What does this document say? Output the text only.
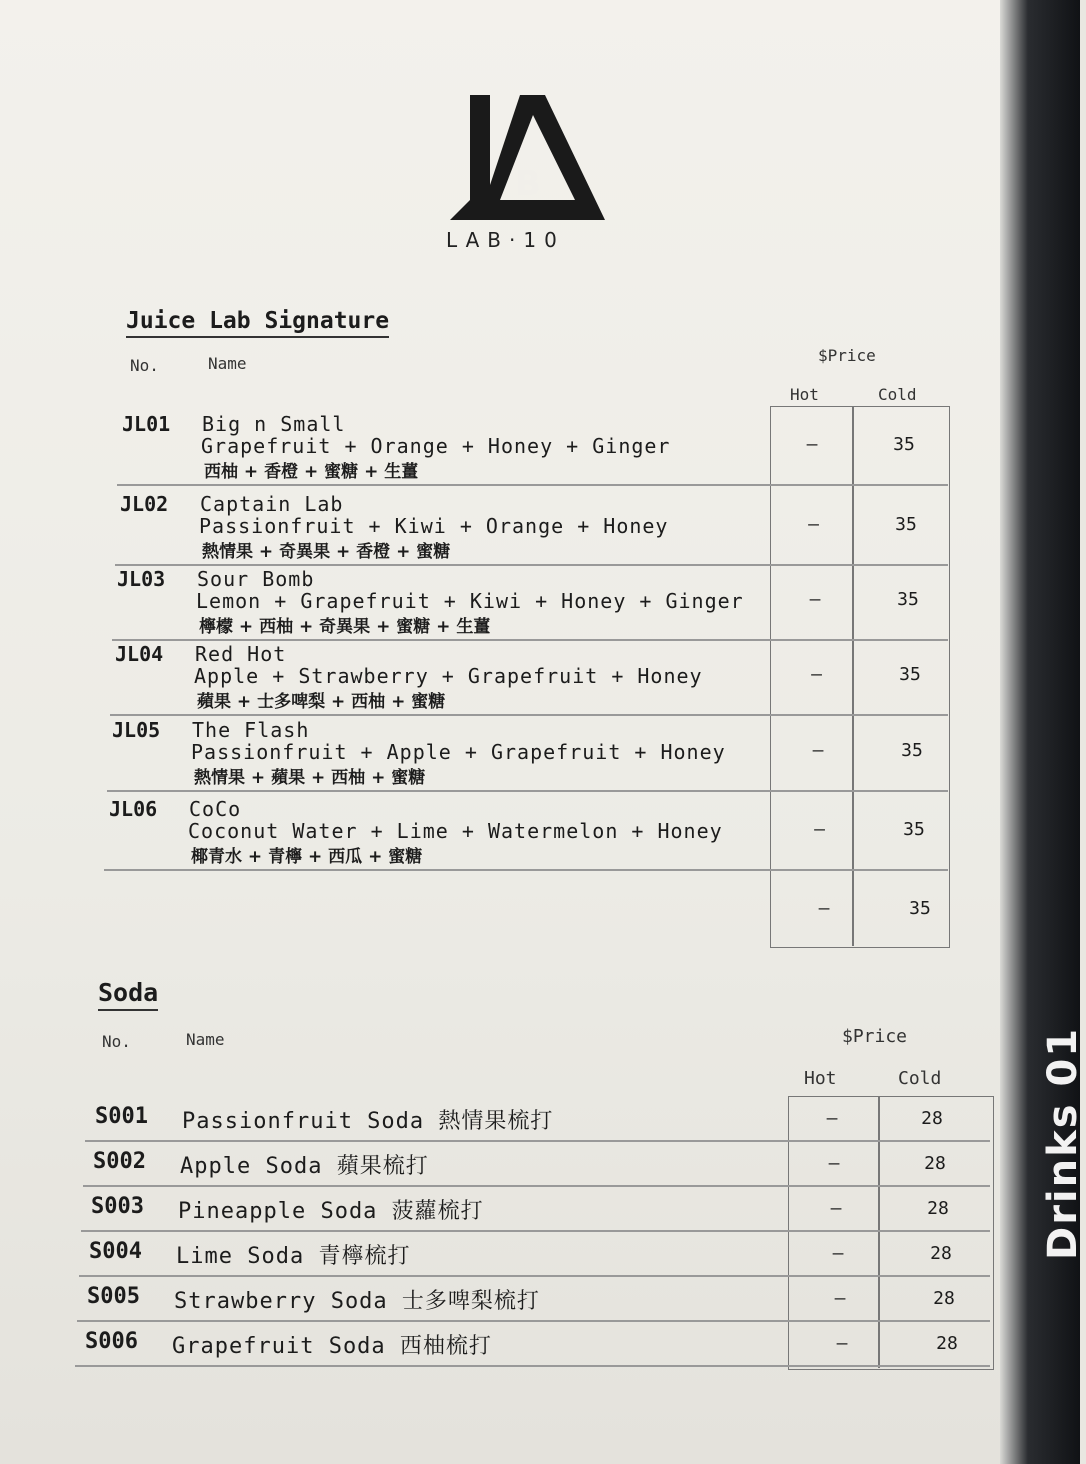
Drinks 01
B
LAB·10
Juice Lab Signature
No.	Name	$Price
Hot	Cold
JL01 Big n Small
Grapefruit + Orange + Honey + Ginger
西柚 + 香橙 + 蜜糖 + 生薑
–	35
JL02 Captain Lab
Passionfruit + Kiwi + Orange + Honey
熱情果 + 奇異果 + 香橙 + 蜜糖
–	35
JL03 Sour Bomb
Lemon + Grapefruit + Kiwi + Honey + Ginger
檸檬 + 西柚 + 奇異果 + 蜜糖 + 生薑
–	35
JL04 Red Hot
Apple + Strawberry + Grapefruit + Honey
蘋果 + 士多啤梨 + 西柚 + 蜜糖
–	35
JL05 The Flash
Passionfruit + Apple + Grapefruit + Honey
熱情果 + 蘋果 + 西柚 + 蜜糖
–	35
JL06 CoCo
Coconut Water + Lime + Watermelon + Honey
椰青水 + 青檸 + 西瓜 + 蜜糖
–	35
–	35
Soda
No.	Name	$Price
Hot	Cold
S001 Passionfruit Soda 熱情果梳打	–	28
S002 Apple Soda 蘋果梳打	–	28
S003 Pineapple Soda 菠蘿梳打	–	28
S004 Lime Soda 青檸梳打	–	28
S005 Strawberry Soda 士多啤梨梳打	–	28
S006 Grapefruit Soda 西柚梳打	–	28
